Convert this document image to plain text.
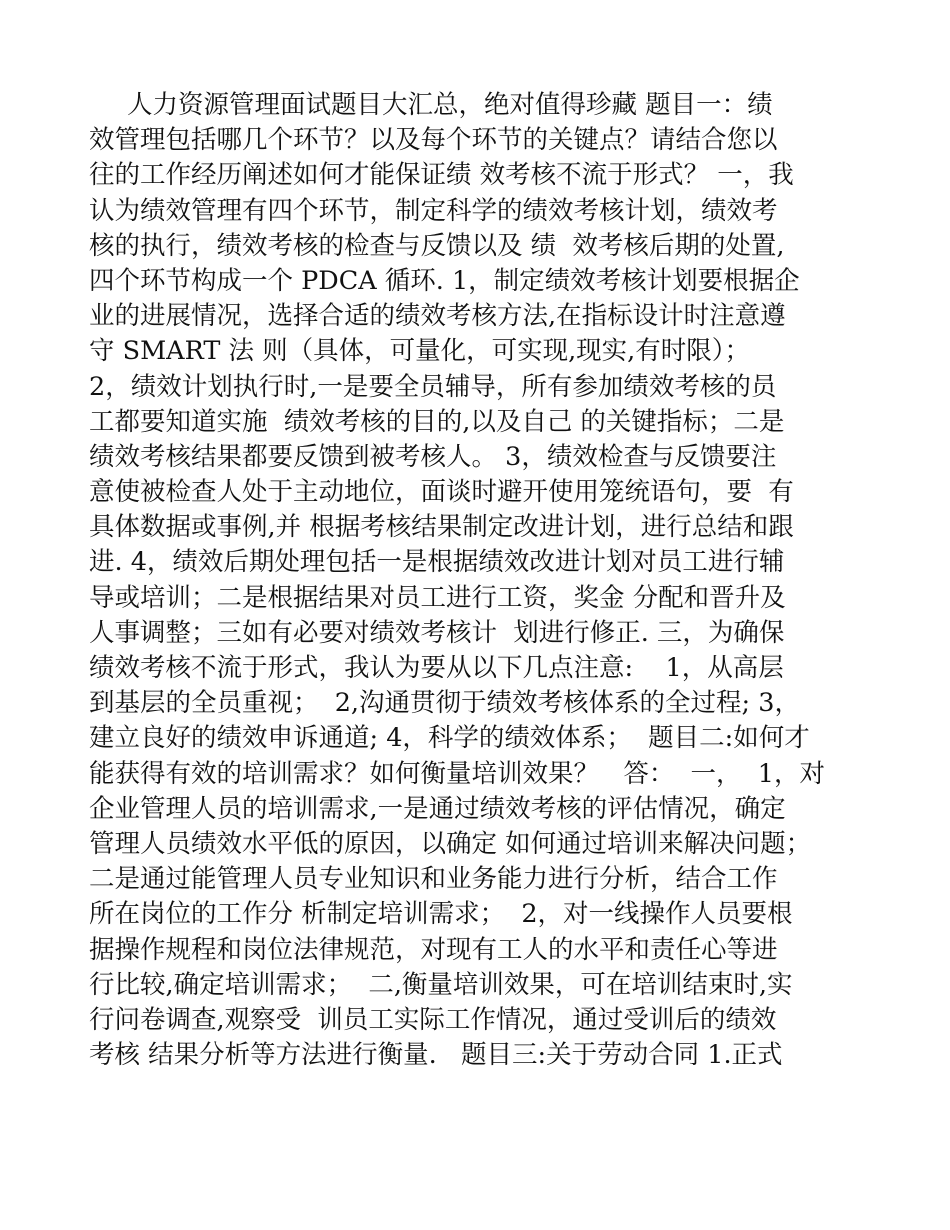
人力资源管理面试题目大汇总，绝对值得珍藏 题目一：绩
效管理包括哪几个环节？以及每个环节的关键点？请结合您以
往的工作经历阐述如何才能保证绩 效考核不流于形式？ 一，我
认为绩效管理有四个环节，制定科学的绩效考核计划，绩效考
核的执行，绩效考核的检查与反馈以及 绩  效考核后期的处置,
四个环节构成一个 PDCA 循环. 1，制定绩效考核计划要根据企
业的进展情况，选择合适的绩效考核方法,在指标设计时注意遵
守 SMART 法 则（具体，可量化，可实现,现实,有时限）；
2，绩效计划执行时,一是要全员辅导，所有参加绩效考核的员
工都要知道实施  绩效考核的目的,以及自己 的关键指标；二是
绩效考核结果都要反馈到被考核人。 3，绩效检查与反馈要注
意使被检查人处于主动地位，面谈时避开使用笼统语句，要  有
具体数据或事例,并 根据考核结果制定改进计划，进行总结和跟
进. 4，绩效后期处理包括一是根据绩效改进计划对员工进行辅
导或培训；二是根据结果对员工进行工资，奖金 分配和晋升及
人事调整；三如有必要对绩效考核计  划进行修正. 三，为确保
绩效考核不流于形式，我认为要从以下几点注意:    1，从高层
到基层的全员重视；  2,沟通贯彻于绩效考核体系的全过程; 3，
建立良好的绩效申诉通道; 4，科学的绩效体系；  题目二:如何才
能获得有效的培训需求？如何衡量培训效果？   答：  一，  1，对
企业管理人员的培训需求,一是通过绩效考核的评估情况，确定
管理人员绩效水平低的原因，以确定 如何通过培训来解决问题；
二是通过能管理人员专业知识和业务能力进行分析，结合工作
所在岗位的工作分 析制定培训需求；  2，对一线操作人员要根
据操作规程和岗位法律规范，对现有工人的水平和责任心等进
行比较,确定培训需求；  二,衡量培训效果，可在培训结束时,实
行问卷调查,观察受  训员工实际工作情况，通过受训后的绩效
考核 结果分析等方法进行衡量.   题目三:关于劳动合同 1.正式
